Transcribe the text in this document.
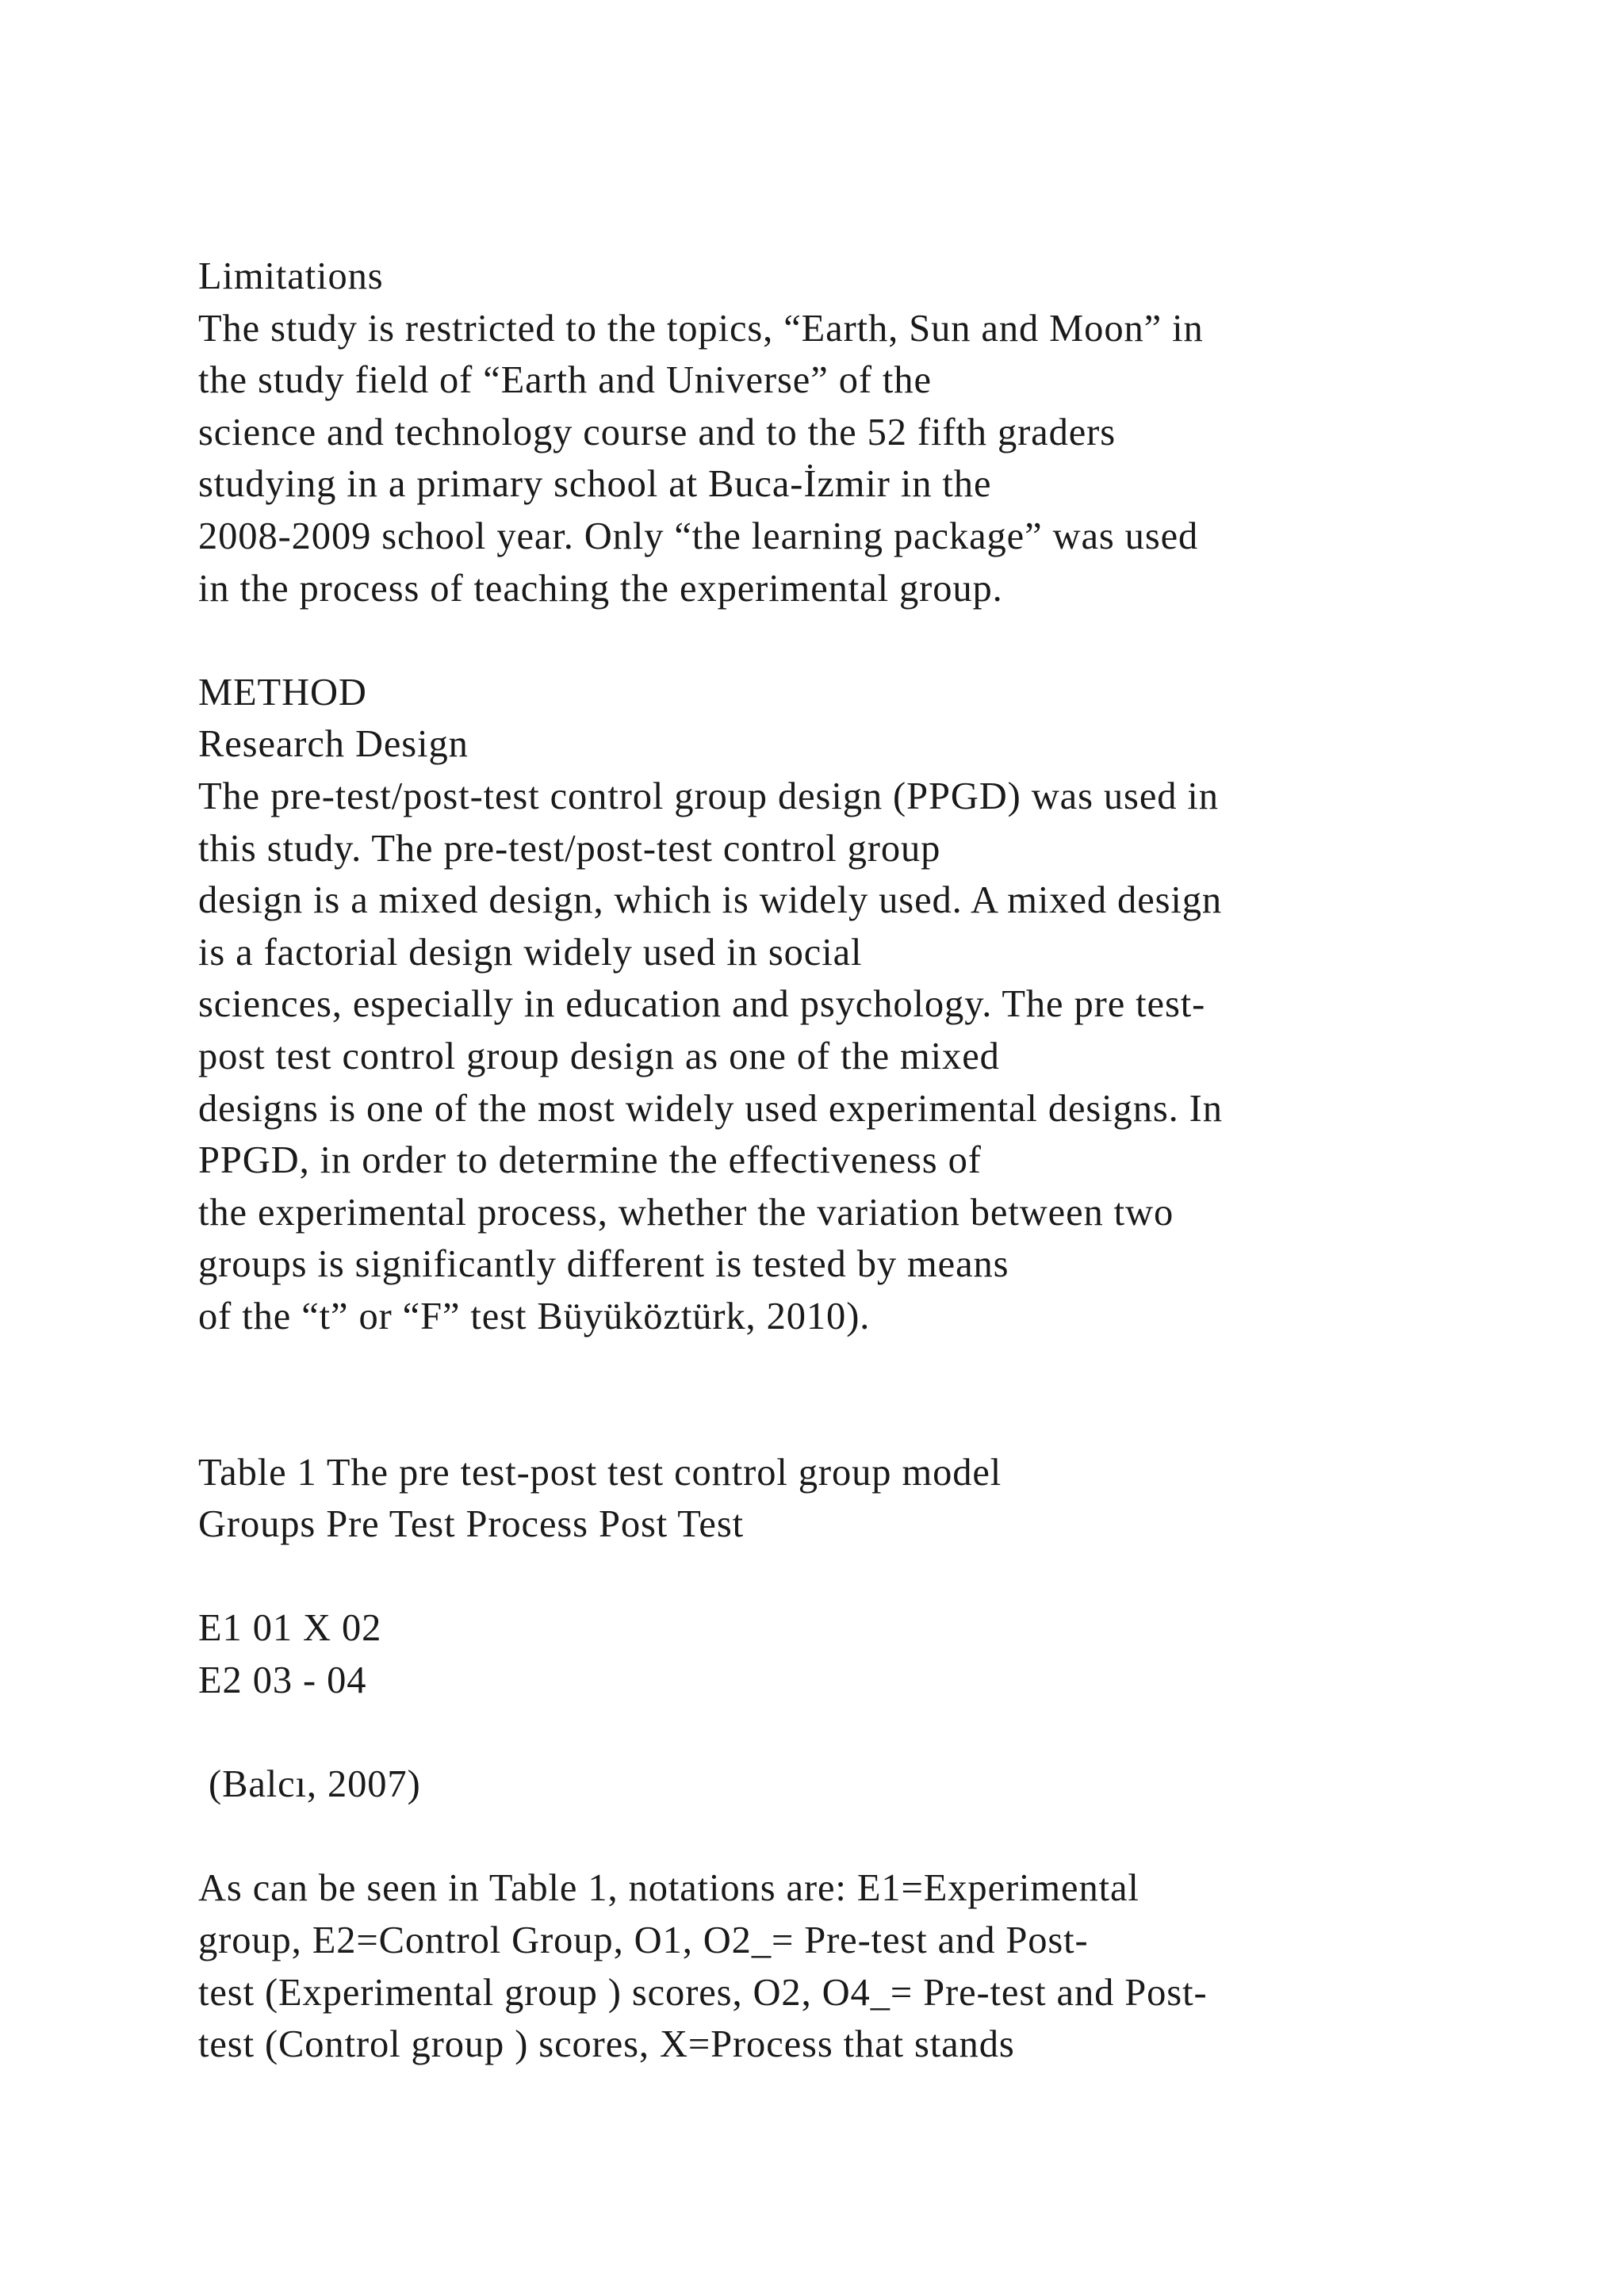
Limitations
The study is restricted to the topics, “Earth, Sun and Moon” in
the study field of “Earth and Universe” of the
science and technology course and to the 52 fifth graders
studying in a primary school at Buca-İzmir in the
2008-2009 school year. Only “the learning package” was used
in the process of teaching the experimental group.
METHOD
Research Design
The pre-test/post-test control group design (PPGD) was used in
this study. The pre-test/post-test control group
design is a mixed design, which is widely used. A mixed design
is a factorial design widely used in social
sciences, especially in education and psychology. The pre test-
post test control group design as one of the mixed
designs is one of the most widely used experimental designs. In
PPGD, in order to determine the effectiveness of
the experimental process, whether the variation between two
groups is significantly different is tested by means
of the “t” or “F” test Büyüköztürk, 2010).
Table 1 The pre test-post test control group model
Groups Pre Test Process Post Test
E1 01 X 02
E2 03 - 04
(Balcı, 2007)
As can be seen in Table 1, notations are: E1=Experimental
group, E2=Control Group, O1, O2_= Pre-test and Post-
test (Experimental group ) scores, O2, O4_= Pre-test and Post-
test (Control group ) scores, X=Process that stands
